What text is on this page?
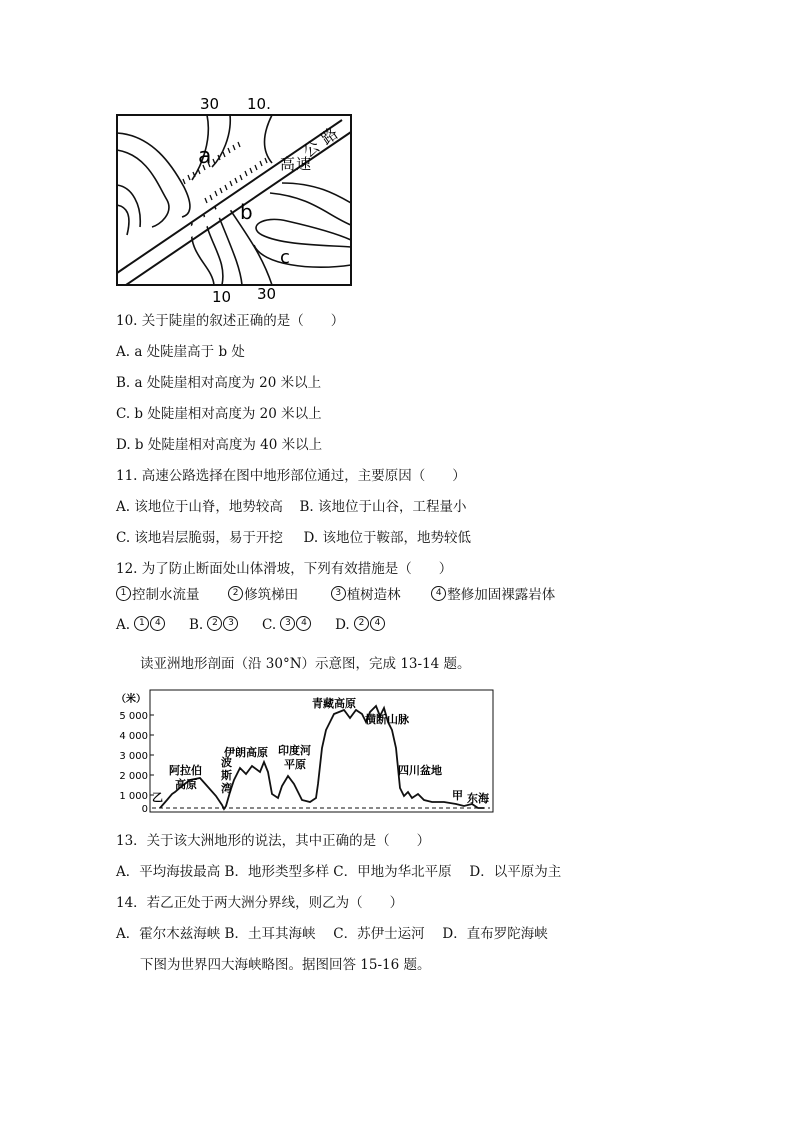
30 10.
10 30
a
b
c
路
公
速
高
10. 关于陡崖的叙述正确的是（　　）
A. a 处陡崖高于 b 处
B. a 处陡崖相对高度为 20 米以上
C. b 处陡崖相对高度为 20 米以上
D. b 处陡崖相对高度为 40 米以上
11. 高速公路选择在图中地形部位通过，主要原因（　　）
A. 该地位于山脊，地势较高 B. 该地位于山谷，工程量小
C. 该地岩层脆弱，易于开挖 D. 该地位于鞍部，地势较低
12. 为了防止断面处山体滑坡，下列有效措施是（　　）
1 控制水流量	2 修筑梯田	3 植树造林	4 整修加固裸露岩体
A. 1 4 B. 2 3 C. 3 4 D. 2 4
读亚洲地形剖面（沿 30°N）示意图，完成 13-14 题。
（米）
5 000
4 000
3 000
2 000
1 000
0
乙
阿拉伯
高原
波
斯
湾
伊朗高原 印度河
平原
青藏高原
横断山脉
四川盆地
甲 东海
13．关于该大洲地形的说法，其中正确的是（　　）
A．平均海拔最高 B．地形类型多样 C．甲地为华北平原　 D．以平原为主
14．若乙正处于两大洲分界线，则乙为（　　）
A．霍尔木兹海峡 B．土耳其海峡　 C．苏伊士运河　 D．直布罗陀海峡
下图为世界四大海峡略图。据图回答 15-16 题。
